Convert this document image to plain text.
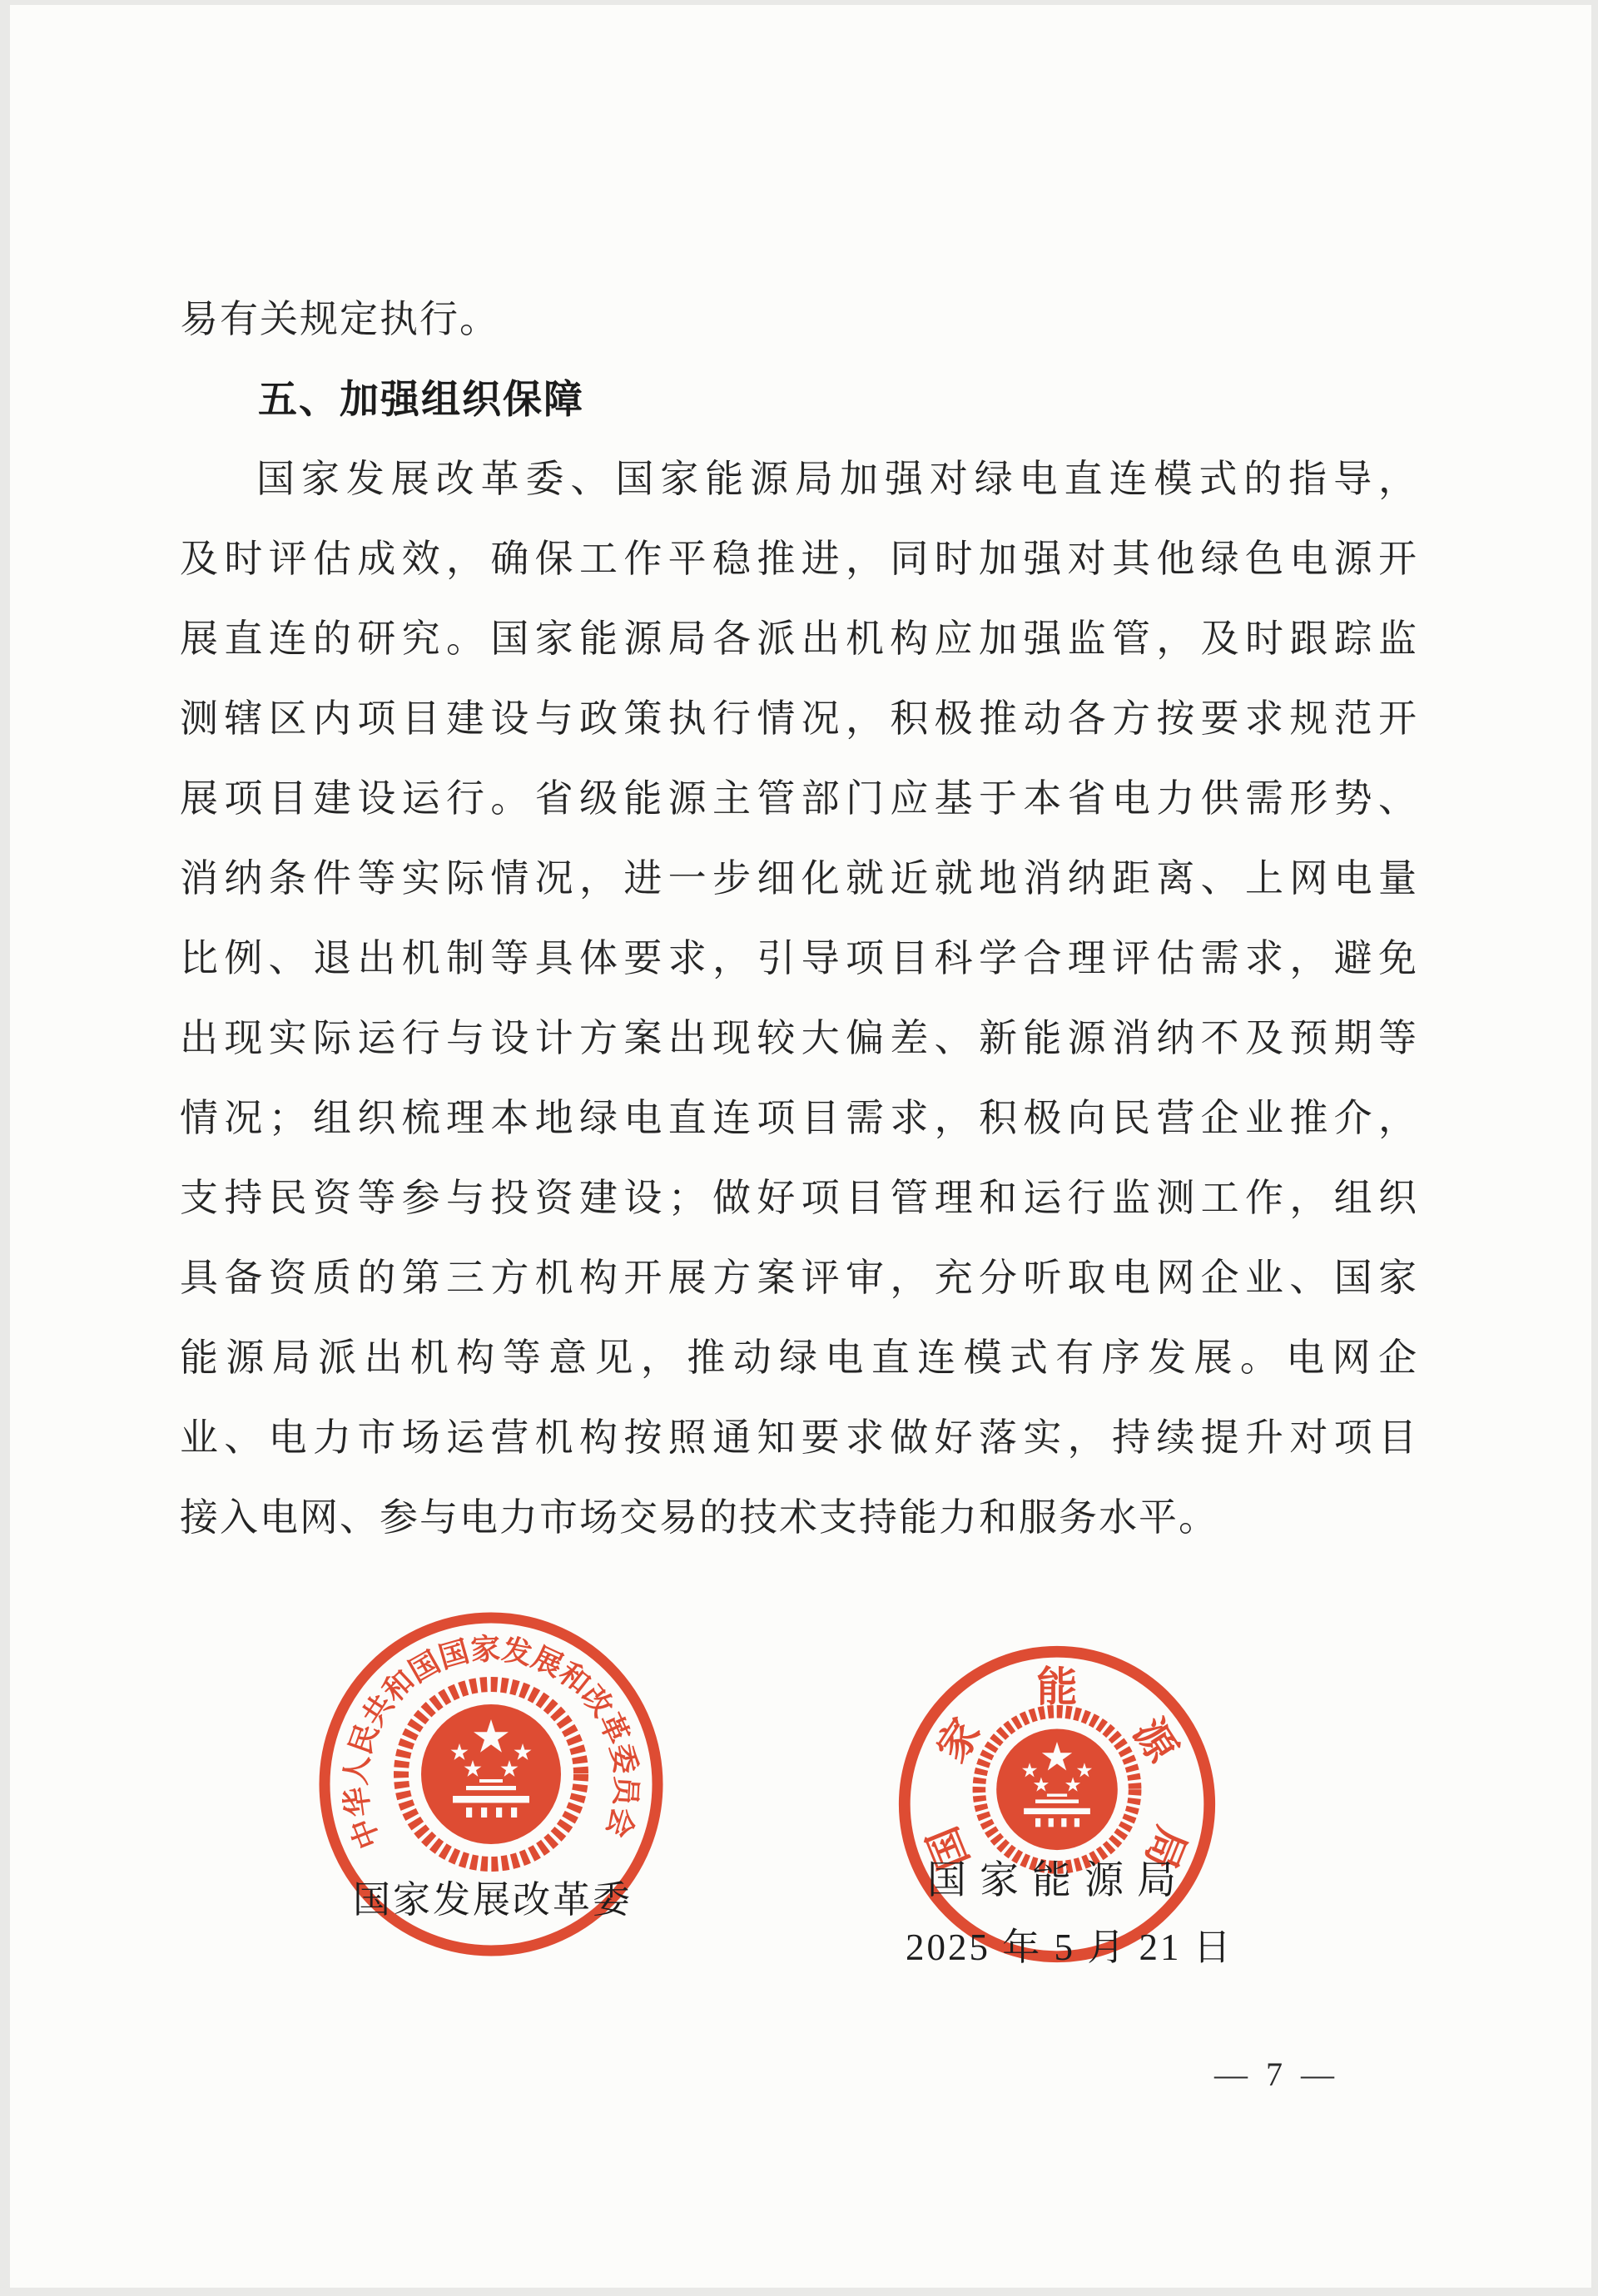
易有关规定执行。
五、加强组织保障
国家发展改革委、国家能源局加强对绿电直连模式的指导，
及时评估成效，确保工作平稳推进，同时加强对其他绿色电源开
展直连的研究。国家能源局各派出机构应加强监管，及时跟踪监
测辖区内项目建设与政策执行情况，积极推动各方按要求规范开
展项目建设运行。省级能源主管部门应基于本省电力供需形势、
消纳条件等实际情况，进一步细化就近就地消纳距离、上网电量
比例、退出机制等具体要求，引导项目科学合理评估需求，避免
出现实际运行与设计方案出现较大偏差、新能源消纳不及预期等
情况；组织梳理本地绿电直连项目需求，积极向民营企业推介，
支持民资等参与投资建设；做好项目管理和运行监测工作，组织
具备资质的第三方机构开展方案评审，充分听取电网企业、国家
能源局派出机构等意见，推动绿电直连模式有序发展。电网企
业、电力市场运营机构按照通知要求做好落实，持续提升对项目
接入电网、参与电力市场交易的技术支持能力和服务水平。
中华人民共和国国家发展和改革委员会	国
家
能
源
局
国家发展改革委	国家能源局
2025 年 5 月 21 日
— 7 —
